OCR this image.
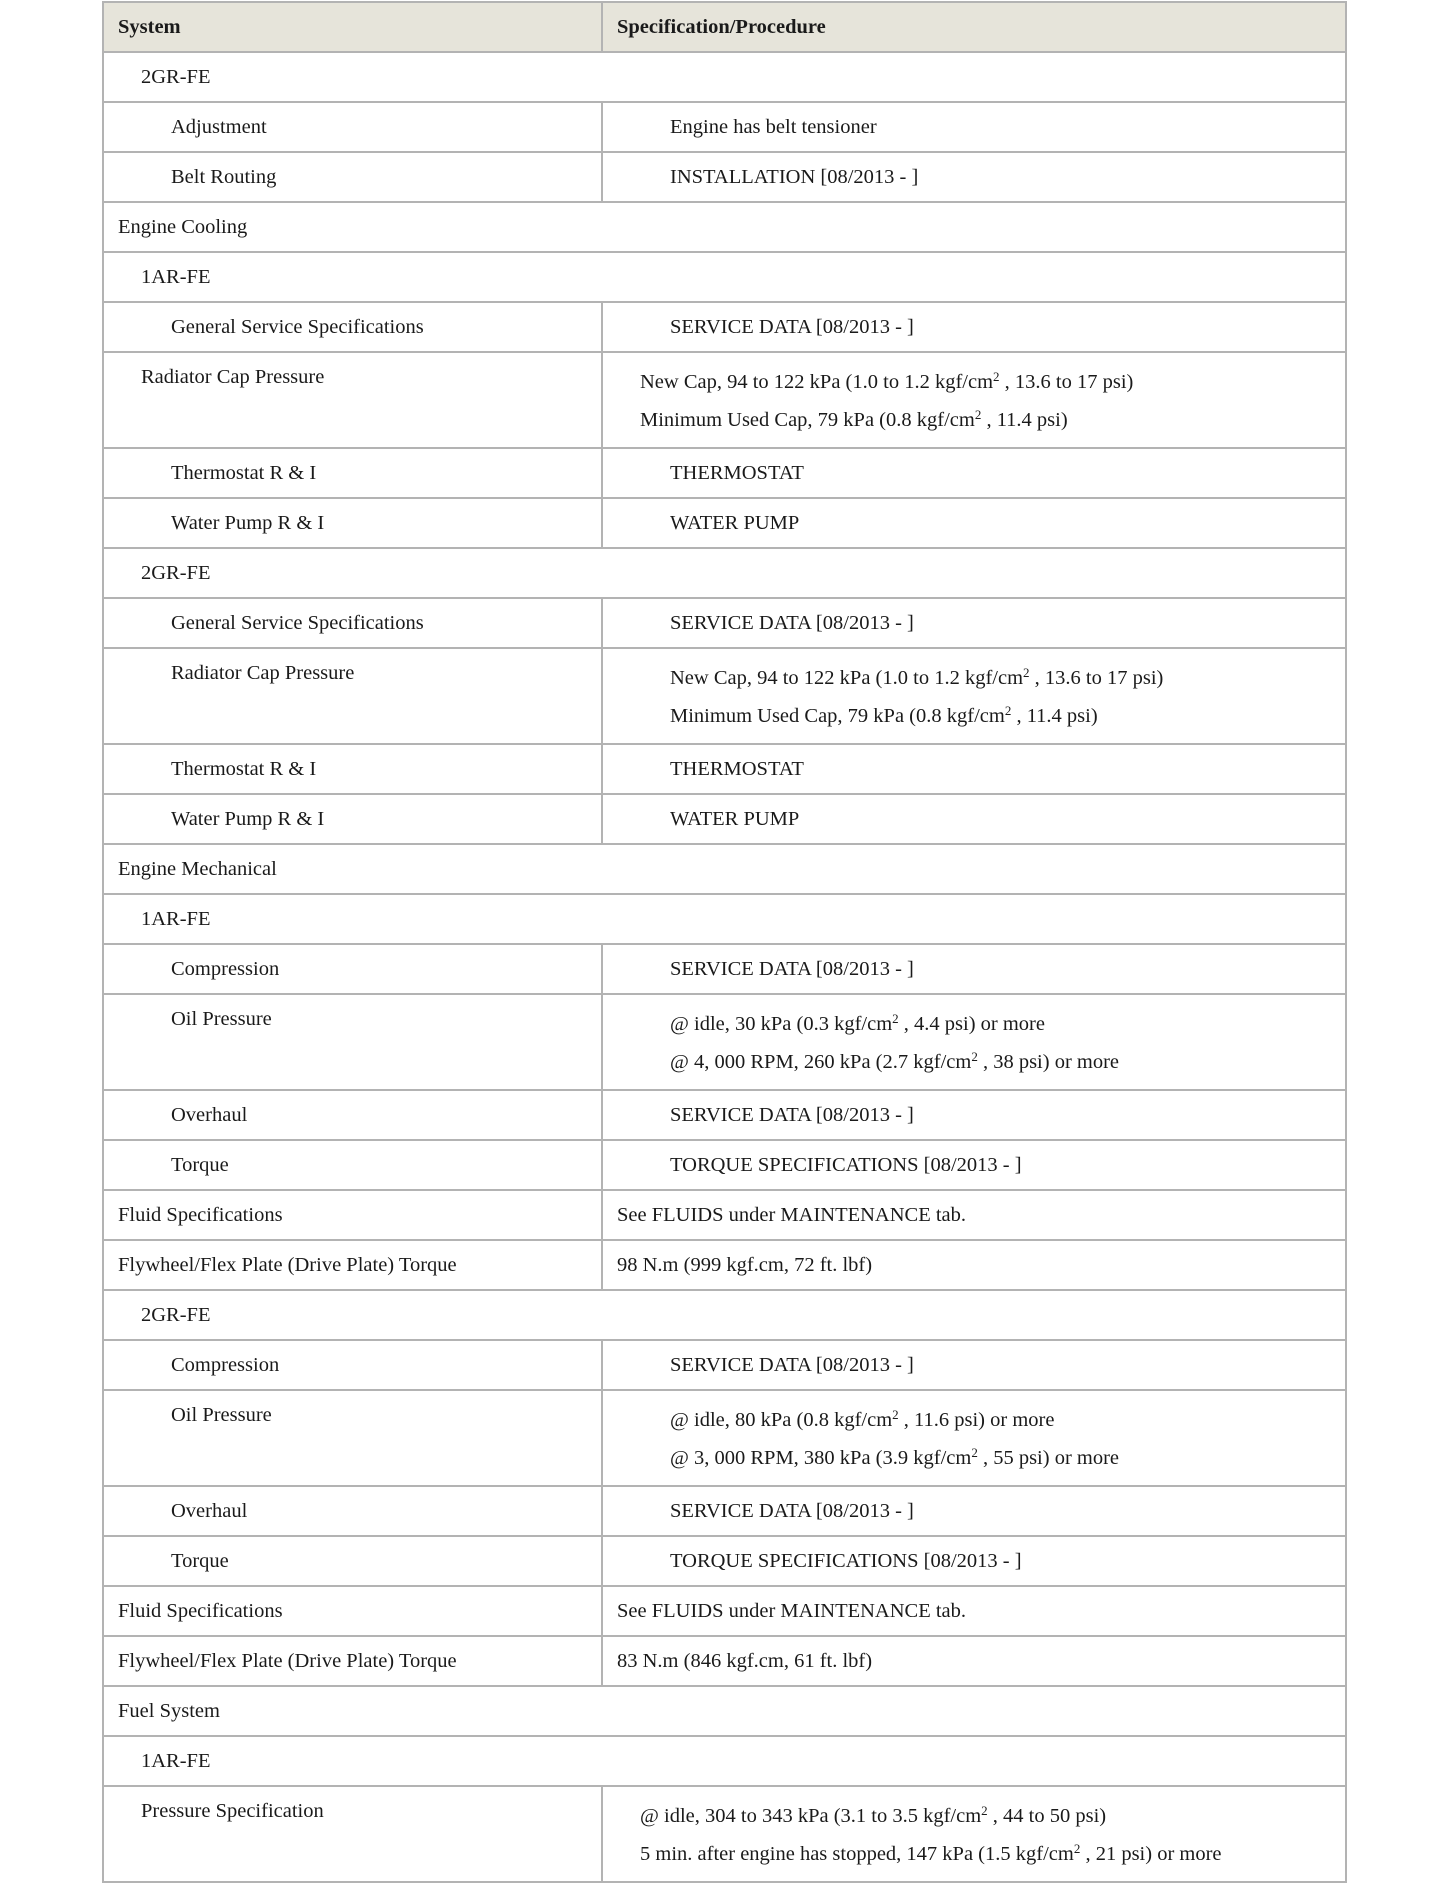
System	Specification/Procedure
2GR-FE	
Adjustment	Engine has belt tensioner
Belt Routing	INSTALLATION [08/2013 - ]
Engine Cooling	
1AR-FE	
General Service Specifications	SERVICE DATA [08/2013 - ]
Radiator Cap Pressure	New Cap, 94 to 122 kPa (1.0 to 1.2 kgf/$cm^2$ , 13.6 to 17 psi)
Minimum Used Cap, 79 kPa (0.8 kgf/$cm^2$ , 11.4 psi)

Thermostat R & I	THERMOSTAT
Water Pump R & I	WATER PUMP
2GR-FE	
General Service Specifications	SERVICE DATA [08/2013 - ]
Radiator Cap Pressure	New Cap, 94 to 122 kPa (1.0 to 1.2 kgf/$cm^2$ , 13.6 to 17 psi)
Minimum Used Cap, 79 kPa (0.8 kgf/$cm^2$ , 11.4 psi)

Thermostat R & I	THERMOSTAT
Water Pump R & I	WATER PUMP
Engine Mechanical	
1AR-FE	
Compression	SERVICE DATA [08/2013 - ]
Oil Pressure	@ idle, 30 kPa (0.3 kgf/$cm^2$ , 4.4 psi) or more
@ 4, 000 RPM, 260 kPa (2.7 kgf/$cm^2$ , 38 psi) or more

Overhaul	SERVICE DATA [08/2013 - ]
Torque	TORQUE SPECIFICATIONS [08/2013 - ]
Fluid Specifications	See FLUIDS under MAINTENANCE tab.
Flywheel/Flex Plate (Drive Plate) Torque	98 N.m (999 kgf.cm, 72 ft. lbf)
2GR-FE	
Compression	SERVICE DATA [08/2013 - ]
Oil Pressure	@ idle, 80 kPa (0.8 kgf/$cm^2$ , 11.6 psi) or more
@ 3, 000 RPM, 380 kPa (3.9 kgf/$cm^2$ , 55 psi) or more

Overhaul	SERVICE DATA [08/2013 - ]
Torque	TORQUE SPECIFICATIONS [08/2013 - ]
Fluid Specifications	See FLUIDS under MAINTENANCE tab.
Flywheel/Flex Plate (Drive Plate) Torque	83 N.m (846 kgf.cm, 61 ft. lbf)
Fuel System	
1AR-FE	
Pressure Specification	@ idle, 304 to 343 kPa (3.1 to 3.5 kgf/$cm^2$ , 44 to 50 psi)
5 min. after engine has stopped, 147 kPa (1.5 kgf/$cm^2$ , 21 psi) or more
